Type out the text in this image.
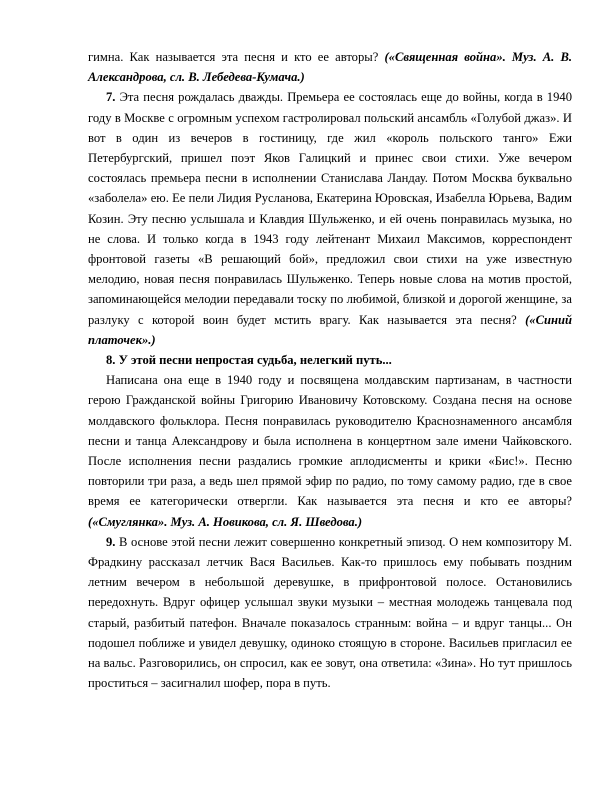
гимна. Как называется эта песня и кто ее авторы? («Священная война». Муз. А. В. Александрова, сл. В. Лебедева-Кумача.)

7. Эта песня рождалась дважды. Премьера ее состоялась еще до войны, когда в 1940 году в Москве с огромным успехом гастролировал польский ансамбль «Голубой джаз». И вот в один из вечеров в гостиницу, где жил «король польского танго» Ежи Петербургский, пришел поэт Яков Галицкий и принес свои стихи. Уже вечером состоялась премьера песни в исполнении Станислава Ландау. Потом Москва буквально «заболела» ею. Ее пели Лидия Русланова, Екатерина Юровская, Изабелла Юрьева, Вадим Козин. Эту песню услышала и Клавдия Шульженко, и ей очень понравилась музыка, но не слова. И только когда в 1943 году лейтенант Михаил Максимов, корреспондент фронтовой газеты «В решающий бой», предложил свои стихи на уже известную мелодию, новая песня понравилась Шульженко. Теперь новые слова на мотив простой, запоминающейся мелодии передавали тоску по любимой, близкой и дорогой женщине, за разлуку с которой воин будет мстить врагу. Как называется эта песня? («Синий платочек».)

8. У этой песни непростая судьба, нелегкий путь...

Написана она еще в 1940 году и посвящена молдавским партизанам, в частности герою Гражданской войны Григорию Ивановичу Котовскому. Создана песня на основе молдавского фольклора. Песня понравилась руководителю Краснознаменного ансамбля песни и танца Александрову и была исполнена в концертном зале имени Чайковского. После исполнения песни раздались громкие аплодисменты и крики «Бис!». Песню повторили три раза, а ведь шел прямой эфир по радио, по тому самому радио, где в свое время ее категорически отвергли. Как называется эта песня и кто ее авторы? («Смуглянка». Муз. А. Новикова, сл. Я. Шведова.)

9. В основе этой песни лежит совершенно конкретный эпизод. О нем композитору М. Фрадкину рассказал летчик Вася Васильев. Как-то пришлось ему побывать поздним летним вечером в небольшой деревушке, в прифронтовой полосе. Остановились передохнуть. Вдруг офицер услышал звуки музыки – местная молодежь танцевала под старый, разбитый патефон. Вначале показалось странным: война – и вдруг танцы... Он подошел поближе и увидел девушку, одиноко стоящую в стороне. Васильев пригласил ее на вальс. Разговорились, он спросил, как ее зовут, она ответила: «Зина». Но тут пришлось проститься – засигналил шофер, пора в путь.
